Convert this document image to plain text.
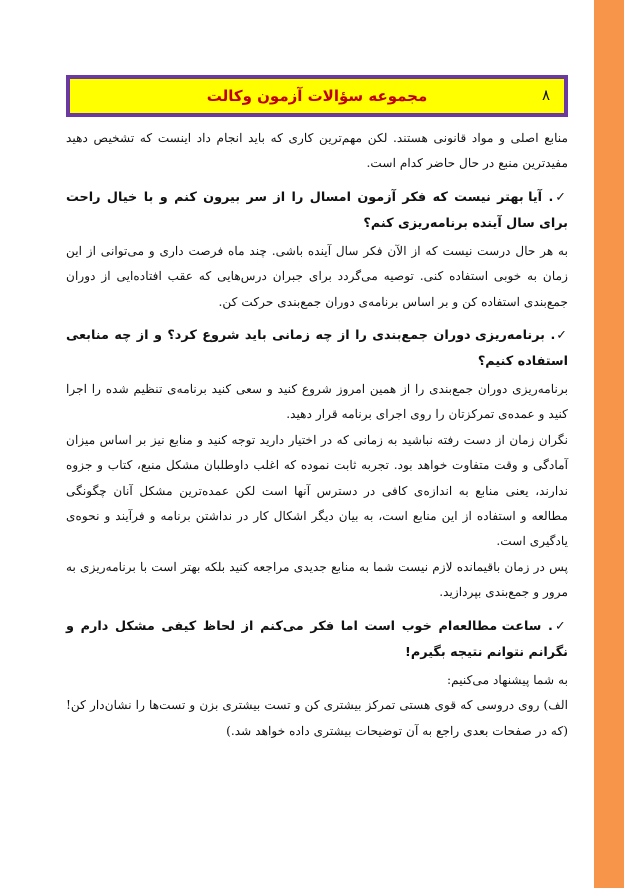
۸
مجموعه سؤالات آزمون وکالت

منابع اصلی و مواد قانونی هستند. لکن مهم‌ترین کاری که باید انجام داد اینست که تشخیص دهید مفیدترین منبع در حال حاضر کدام است.

✓. آیا بهتر نیست که فکر آزمون امسال را از سر بیرون کنم و با خیال راحت برای سال آینده برنامه‌ریزی کنم؟

به هر حال درست نیست که از الآن فکر سال آینده باشی. چند ماه فرصت داری و می‌توانی از این زمان به خوبی استفاده کنی. توصیه می‌گردد برای جبران درس‌هایی که عقب افتاده‌ایی از دوران جمع‌بندی استفاده کن و بر اساس برنامه‌ی دوران جمع‌بندی حرکت کن.

✓. برنامه‌ریزی دوران جمع‌بندی را از چه زمانی باید شروع کرد؟ و از چه منابعی استفاده کنیم؟

برنامه‌ریزی دوران جمع‌بندی را از همین امروز شروع کنید و سعی کنید برنامه‌ی تنظیم شده را اجرا کنید و عمده‌ی تمرکزتان را روی اجرای برنامه قرار دهید.

نگران زمان از دست رفته نباشید به زمانی که در اختیار دارید توجه کنید و منابع نیز بر اساس میزان آمادگی و وقت متفاوت خواهد بود. تجربه ثابت نموده که اغلب داوطلبان مشکل منبع، کتاب و جزوه ندارند، یعنی منابع به اندازه‌ی کافی در دسترس آنها است لکن عمده‌ترین مشکل آنان چگونگی مطالعه و استفاده از این منابع است، به بیان دیگر اشکال کار در نداشتن برنامه و فرآیند و نحوه‌ی یادگیری است.

پس در زمان باقیمانده لازم نیست شما به منابع جدیدی مراجعه کنید بلکه بهتر است با برنامه‌ریزی به مرور و جمع‌بندی بپردازید.

✓. ساعت مطالعه‌ام خوب است اما فکر می‌کنم از لحاظ کیفی مشکل دارم و نگرانم نتوانم نتیجه بگیرم!

به شما پیشنهاد می‌کنیم:

الف) روی دروسی که قوی هستی تمرکز بیشتری کن و تست بیشتری بزن و تست‌ها را نشان‌دار کن! (که در صفحات بعدی راجع به آن توضیحات بیشتری داده خواهد شد.)
